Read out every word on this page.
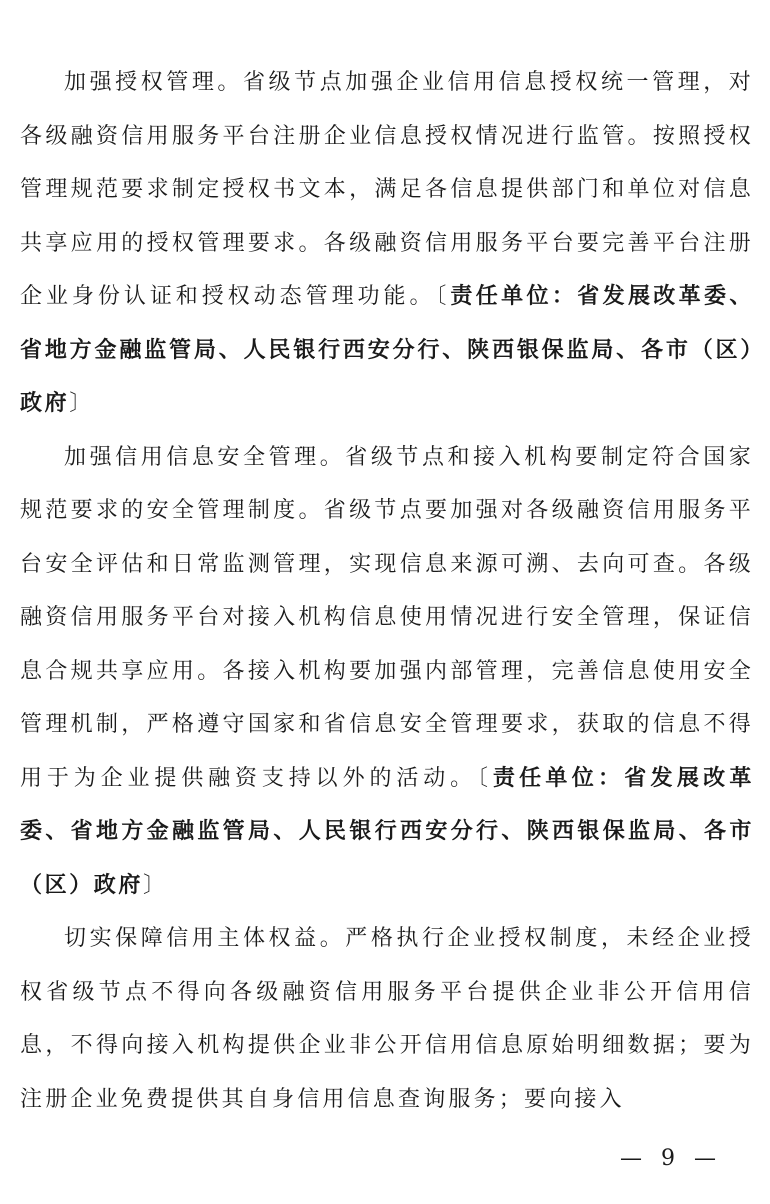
加强授权管理。省级节点加强企业信用信息授权统一管理，对各级融资信用服务平台注册企业信息授权情况进行监管。按照授权管理规范要求制定授权书文本，满足各信息提供部门和单位对信息共享应用的授权管理要求。各级融资信用服务平台要完善平台注册企业身份认证和授权动态管理功能。〔责任单位：省发展改革委、省地方金融监管局、人民银行西安分行、陕西银保监局、各市（区）政府〕

加强信用信息安全管理。省级节点和接入机构要制定符合国家规范要求的安全管理制度。省级节点要加强对各级融资信用服务平台安全评估和日常监测管理，实现信息来源可溯、去向可查。各级融资信用服务平台对接入机构信息使用情况进行安全管理，保证信息合规共享应用。各接入机构要加强内部管理，完善信息使用安全管理机制，严格遵守国家和省信息安全管理要求，获取的信息不得用于为企业提供融资支持以外的活动。〔责任单位：省发展改革委、省地方金融监管局、人民银行西安分行、陕西银保监局、各市（区）政府〕

切实保障信用主体权益。严格执行企业授权制度，未经企业授权省级节点不得向各级融资信用服务平台提供企业非公开信用信息，不得向接入机构提供企业非公开信用信息原始明细数据；要为注册企业免费提供其自身信用信息查询服务；要向接入

— 9 —
